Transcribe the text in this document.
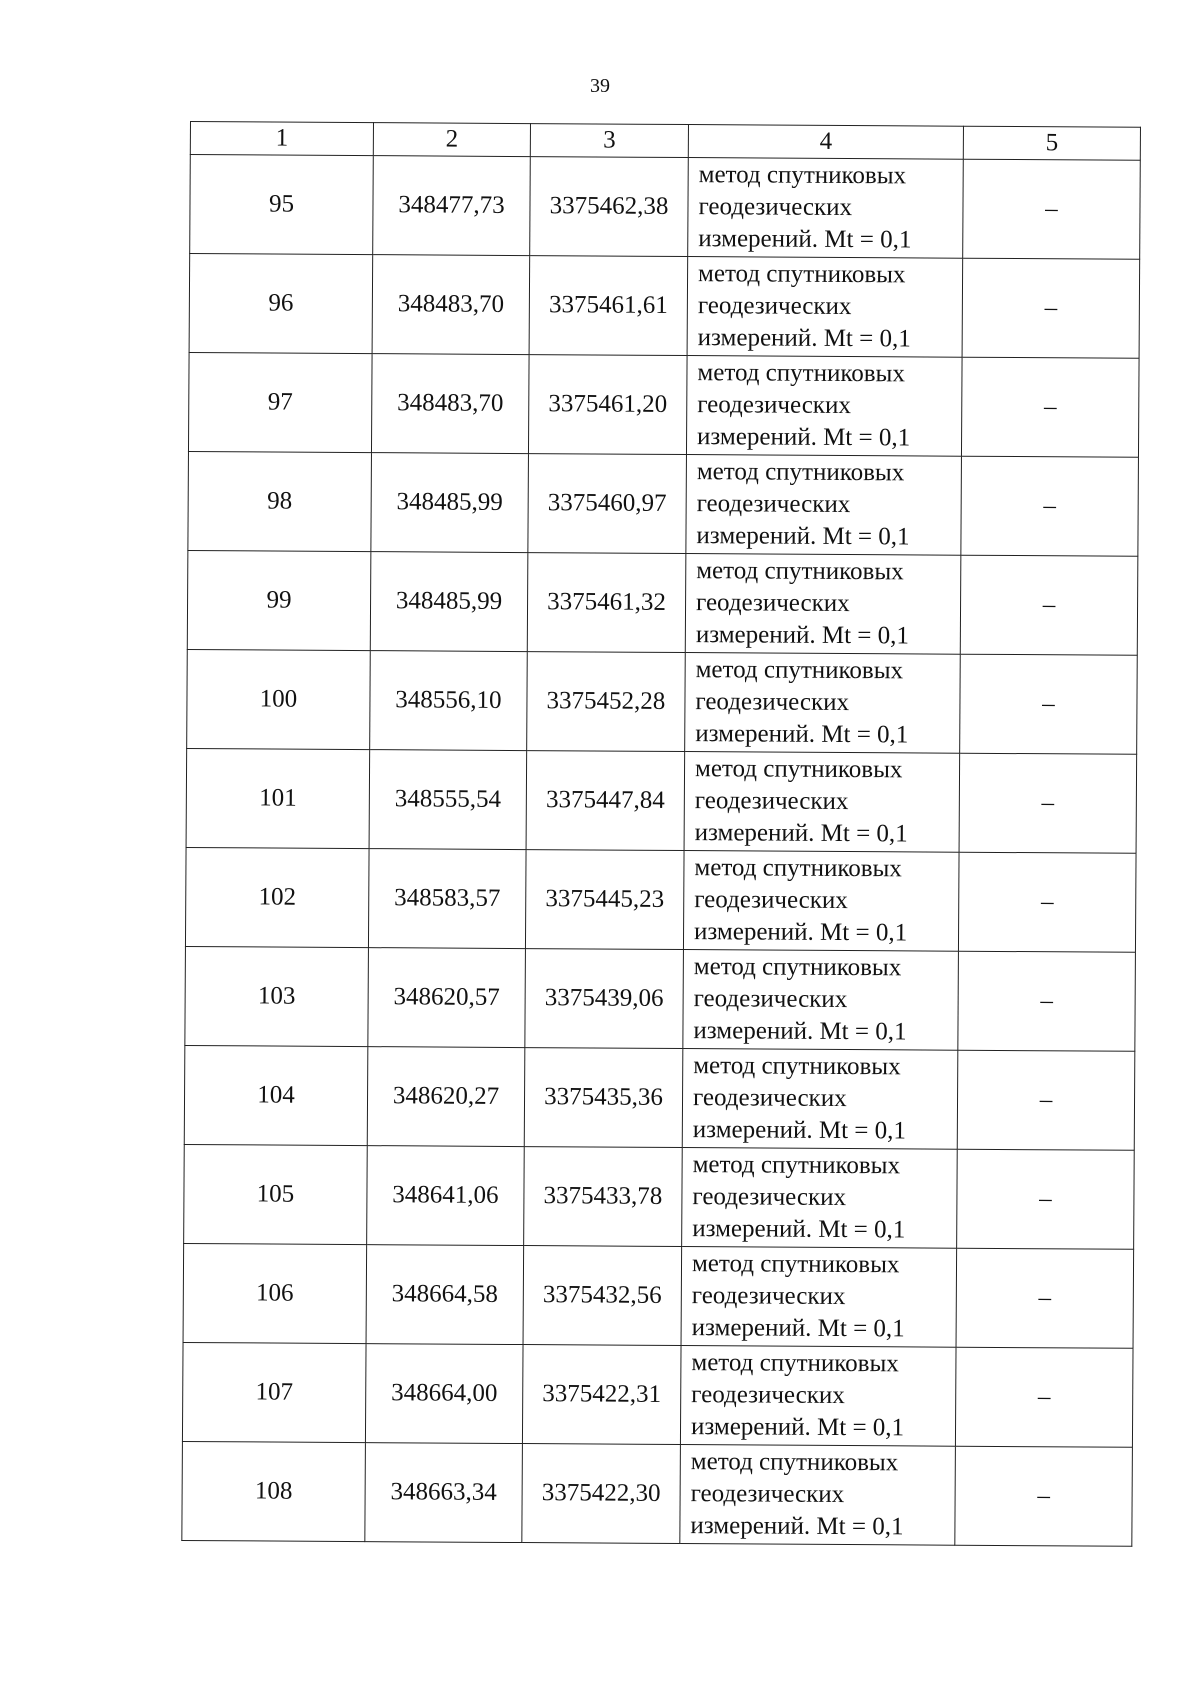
39
1	2	3	4	5
95	348477,73	3375462,38	метод спутниковых
геодезических
измерений. Mt = 0,1	–
96	348483,70	3375461,61	метод спутниковых
геодезических
измерений. Mt = 0,1	–
97	348483,70	3375461,20	метод спутниковых
геодезических
измерений. Mt = 0,1	–
98	348485,99	3375460,97	метод спутниковых
геодезических
измерений. Mt = 0,1	–
99	348485,99	3375461,32	метод спутниковых
геодезических
измерений. Mt = 0,1	–
100	348556,10	3375452,28	метод спутниковых
геодезических
измерений. Mt = 0,1	–
101	348555,54	3375447,84	метод спутниковых
геодезических
измерений. Mt = 0,1	–
102	348583,57	3375445,23	метод спутниковых
геодезических
измерений. Mt = 0,1	–
103	348620,57	3375439,06	метод спутниковых
геодезических
измерений. Mt = 0,1	–
104	348620,27	3375435,36	метод спутниковых
геодезических
измерений. Mt = 0,1	–
105	348641,06	3375433,78	метод спутниковых
геодезических
измерений. Mt = 0,1	–
106	348664,58	3375432,56	метод спутниковых
геодезических
измерений. Mt = 0,1	–
107	348664,00	3375422,31	метод спутниковых
геодезических
измерений. Mt = 0,1	–
108	348663,34	3375422,30	метод спутниковых
геодезических
измерений. Mt = 0,1	–
